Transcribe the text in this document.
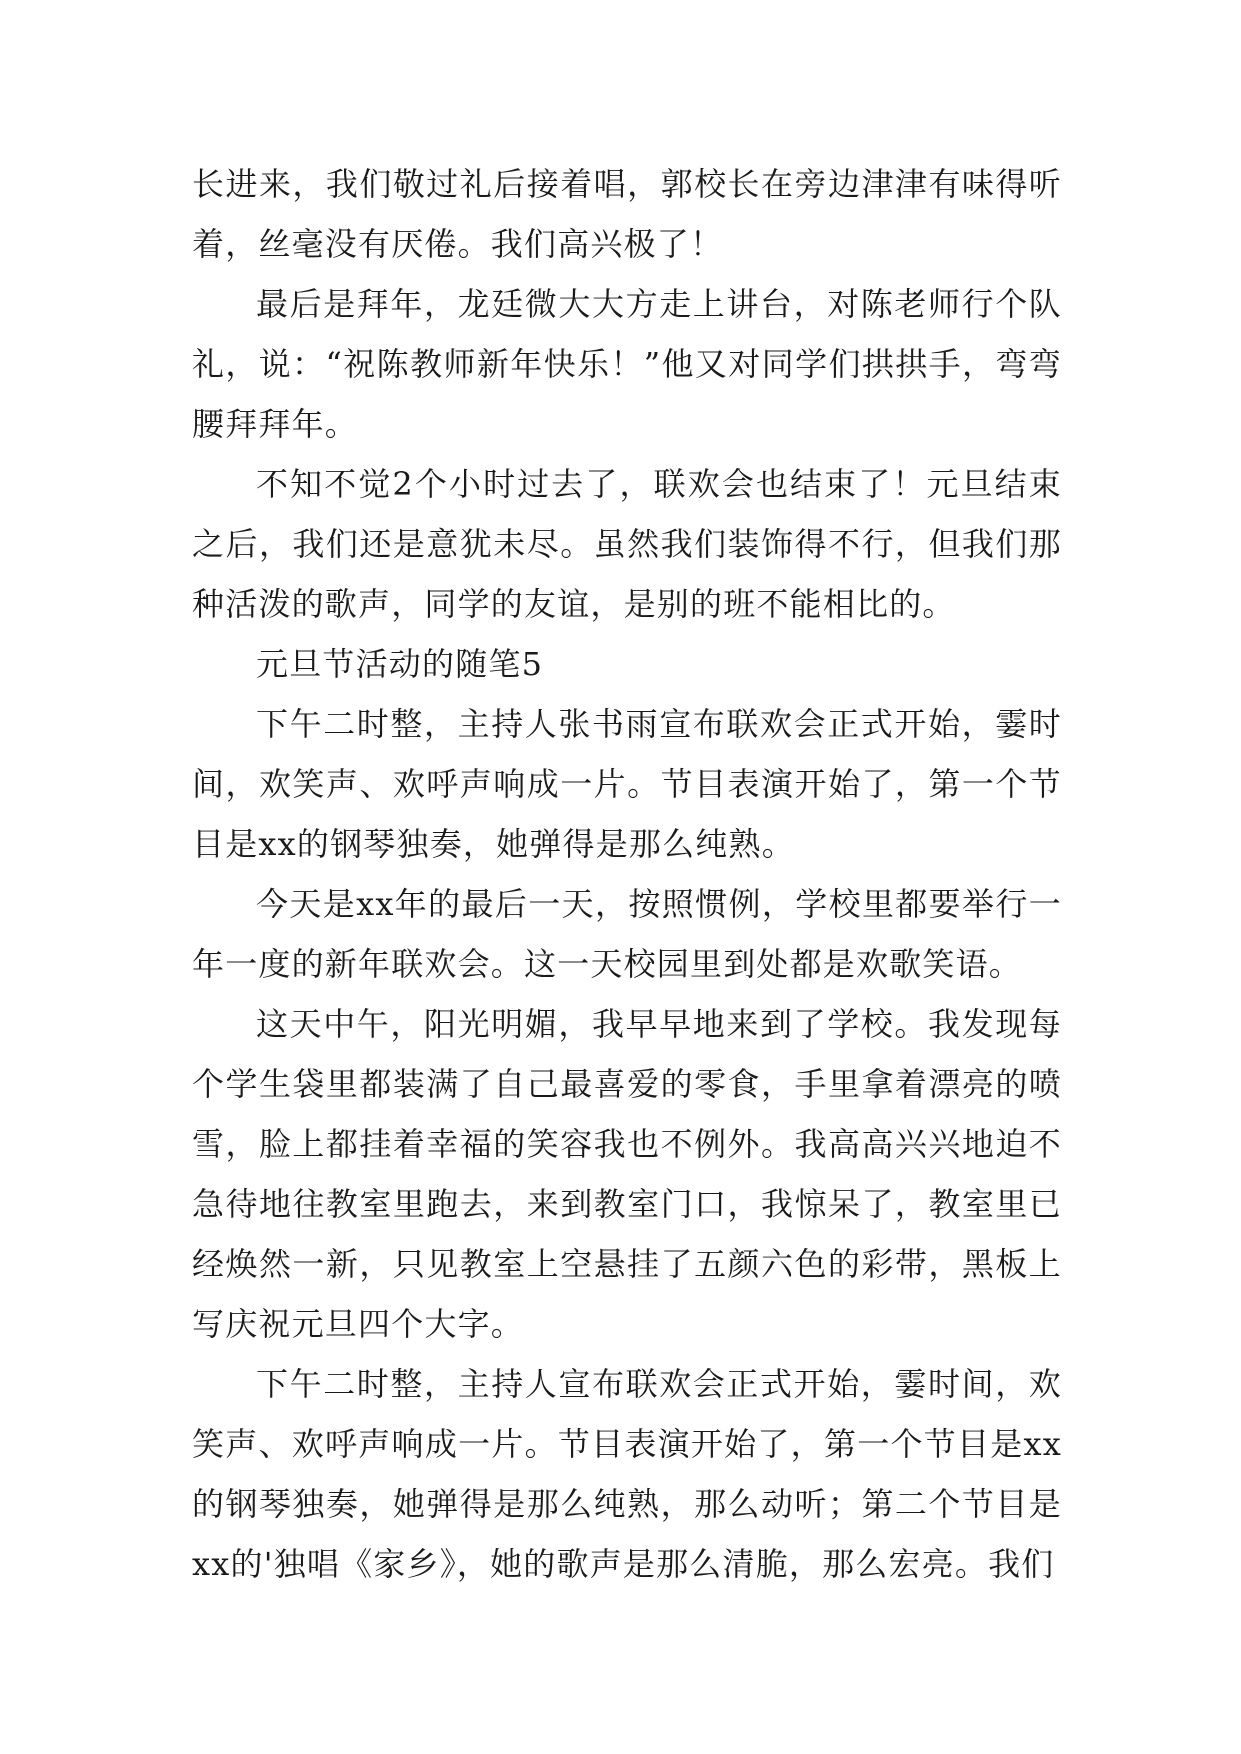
长进来，我们敬过礼后接着唱，郭校长在旁边津津有味得听着，丝毫没有厌倦。我们高兴极了！

最后是拜年，龙廷微大大方走上讲台，对陈老师行个队礼，说：“祝陈教师新年快乐！”他又对同学们拱拱手，弯弯腰拜拜年。

不知不觉2个小时过去了，联欢会也结束了！元旦结束之后，我们还是意犹未尽。虽然我们装饰得不行，但我们那种活泼的歌声，同学的友谊，是别的班不能相比的。

元旦节活动的随笔5

下午二时整，主持人张书雨宣布联欢会正式开始，霎时间，欢笑声、欢呼声响成一片。节目表演开始了，第一个节目是xx的钢琴独奏，她弹得是那么纯熟。

今天是xx年的最后一天，按照惯例，学校里都要举行一年一度的新年联欢会。这一天校园里到处都是欢歌笑语。

这天中午，阳光明媚，我早早地来到了学校。我发现每个学生袋里都装满了自己最喜爱的零食，手里拿着漂亮的喷雪，脸上都挂着幸福的笑容我也不例外。我高高兴兴地迫不急待地往教室里跑去，来到教室门口，我惊呆了，教室里已经焕然一新，只见教室上空悬挂了五颜六色的彩带，黑板上写庆祝元旦四个大字。

下午二时整，主持人宣布联欢会正式开始，霎时间，欢笑声、欢呼声响成一片。节目表演开始了，第一个节目是xx的钢琴独奏，她弹得是那么纯熟，那么动听；第二个节目是xx的'独唱《家乡》，她的歌声是那么清脆，那么宏亮。我们
